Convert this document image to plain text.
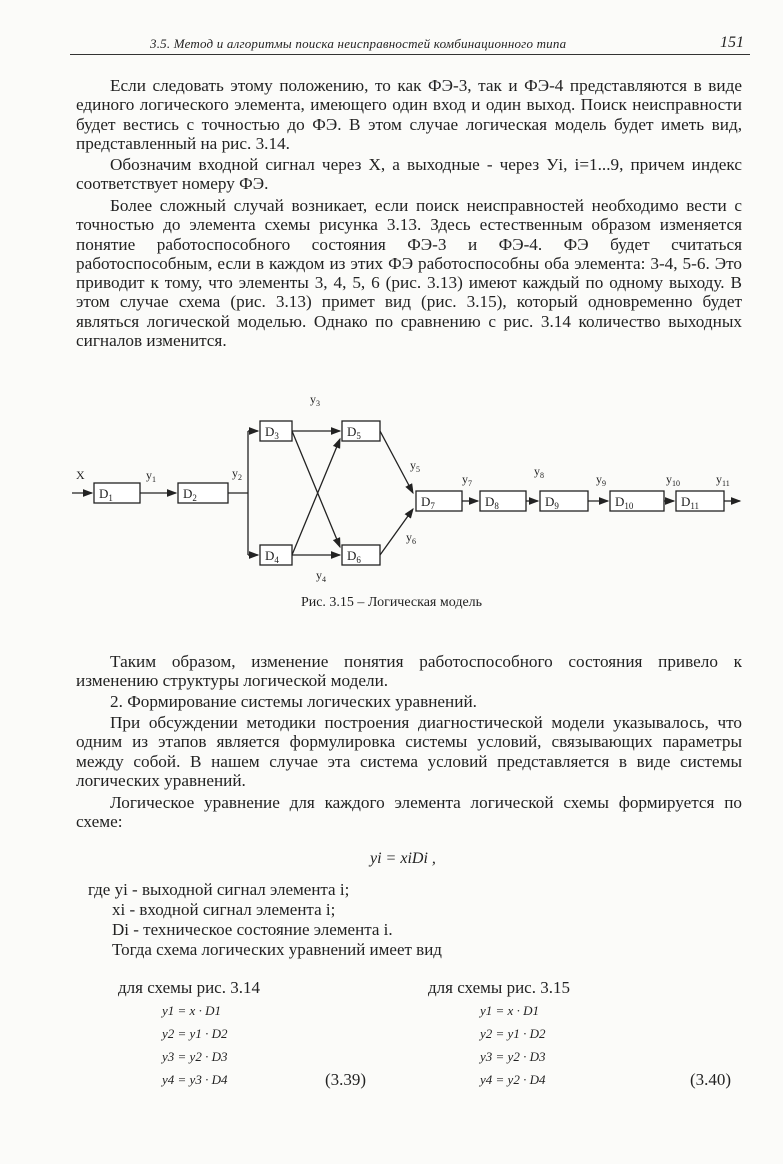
3.5. Метод и алгоритмы поиска неисправностей комбинационного типа	151

Если следовать этому положению, то как ФЭ-3, так и ФЭ-4 представляются в виде единого логического элемента, имеющего один вход и один выход. Поиск неисправности будет вестись с точностью до ФЭ. В этом случае логическая модель будет иметь вид, представленный на рис. 3.14.

Обозначим входной сигнал через X, а выходные - через Уi, i=1...9, причем индекс соответствует номеру ФЭ.

Более сложный случай возникает, если поиск неисправностей необходимо вести с точностью до элемента схемы рисунка 3.13. Здесь естественным образом изменяется понятие работоспособного состояния ФЭ-3 и ФЭ-4. ФЭ будет считаться работоспособным, если в каждом из этих ФЭ работоспособны оба элемента: 3-4, 5-6. Это приводит к тому, что элементы 3, 4, 5, 6 (рис. 3.13) имеют каждый по одному выходу. В этом случае схема (рис. 3.13) примет вид (рис. 3.15), который одновременно будет являться логической моделью. Однако по сравнению с рис. 3.14 количество выходных сигналов изменится.

$D_1$	$D_2$
$D_3$
$D_4$
$D_5$
$D_6$
$D_7$	$D_8$	$D_9$	$D_{10}$	$D_{11}$
$y_1$	$y_2$
$y_3$
$y_4$
$y_5$
$y_6$
$y_7$
$y_8$	$y_9$	$y_{10}$	$y_{11}$
X
Рис. 3.15 – Логическая модель

Таким образом, изменение понятия работоспособного состояния привело к изменению структуры логической модели.

2. Формирование системы логических уравнений.

При обсуждении методики построения диагностической модели указывалось, что одним из этапов является формулировка системы условий, связывающих параметры между собой. В нашем случае эта система условий представляется в виде системы логических уравнений.

Логическое уравнение для каждого элемента логической схемы формируется по схеме:

yi = xiDi ,
где yi - выходной сигнал элемента i;
xi - входной сигнал элемента i;
Di - техническое состояние элемента i.
Тогда схема логических уравнений имеет вид
для схемы рис. 3.14
y1 = x · D1
y2 = y1 · D2
y3 = y2 · D3
y4 = y3 · D4	(3.39)
для схемы рис. 3.15
y1 = x · D1
y2 = y1 · D2
y3 = y2 · D3
y4 = y2 · D4	(3.40)
